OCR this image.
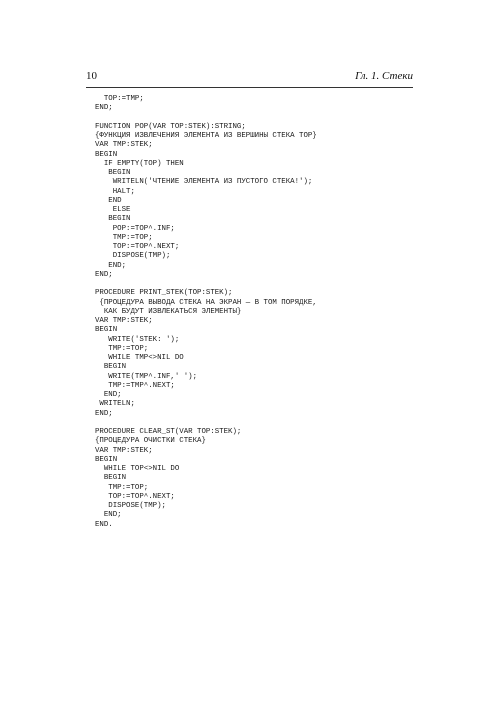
10	Гл. 1. Стеки
TOP:=TMP;
END;
FUNCTION POP(VAR TOP:STEK):STRING;
{ФУНКЦИЯ ИЗВЛЕЧЕНИЯ ЭЛЕМЕНТА ИЗ ВЕРШИНЫ СТЕКА TOP}
VAR TMP:STEK;
BEGIN
IF EMPTY(TOP) THEN
BEGIN
WRITELN('ЧТЕНИЕ ЭЛЕМЕНТА ИЗ ПУСТОГО СТЕКА!');
HALT;
END
ELSE
BEGIN
POP:=TOP^.INF;
TMP:=TOP;
TOP:=TOP^.NEXT;
DISPOSE(TMP);
END;
END;
PROCEDURE PRINT_STEK(TOP:STEK);
{ПРОЦЕДУРА ВЫВОДА СТЕКА НА ЭКРАН — В ТОМ ПОРЯДКЕ,
КАК БУДУТ ИЗВЛЕКАТЬСЯ ЭЛЕМЕНТЫ}
VAR TMP:STEK;
BEGIN
WRITE('STEK: ');
TMP:=TOP;
WHILE TMP<>NIL DO
BEGIN
WRITE(TMP^.INF,' ');
TMP:=TMP^.NEXT;
END;
WRITELN;
END;
PROCEDURE CLEAR_ST(VAR TOP:STEK);
{ПРОЦЕДУРА ОЧИСТКИ СТЕКА}
VAR TMP:STEK;
BEGIN
WHILE TOP<>NIL DO
BEGIN
TMP:=TOP;
TOP:=TOP^.NEXT;
DISPOSE(TMP);
END;
END.
